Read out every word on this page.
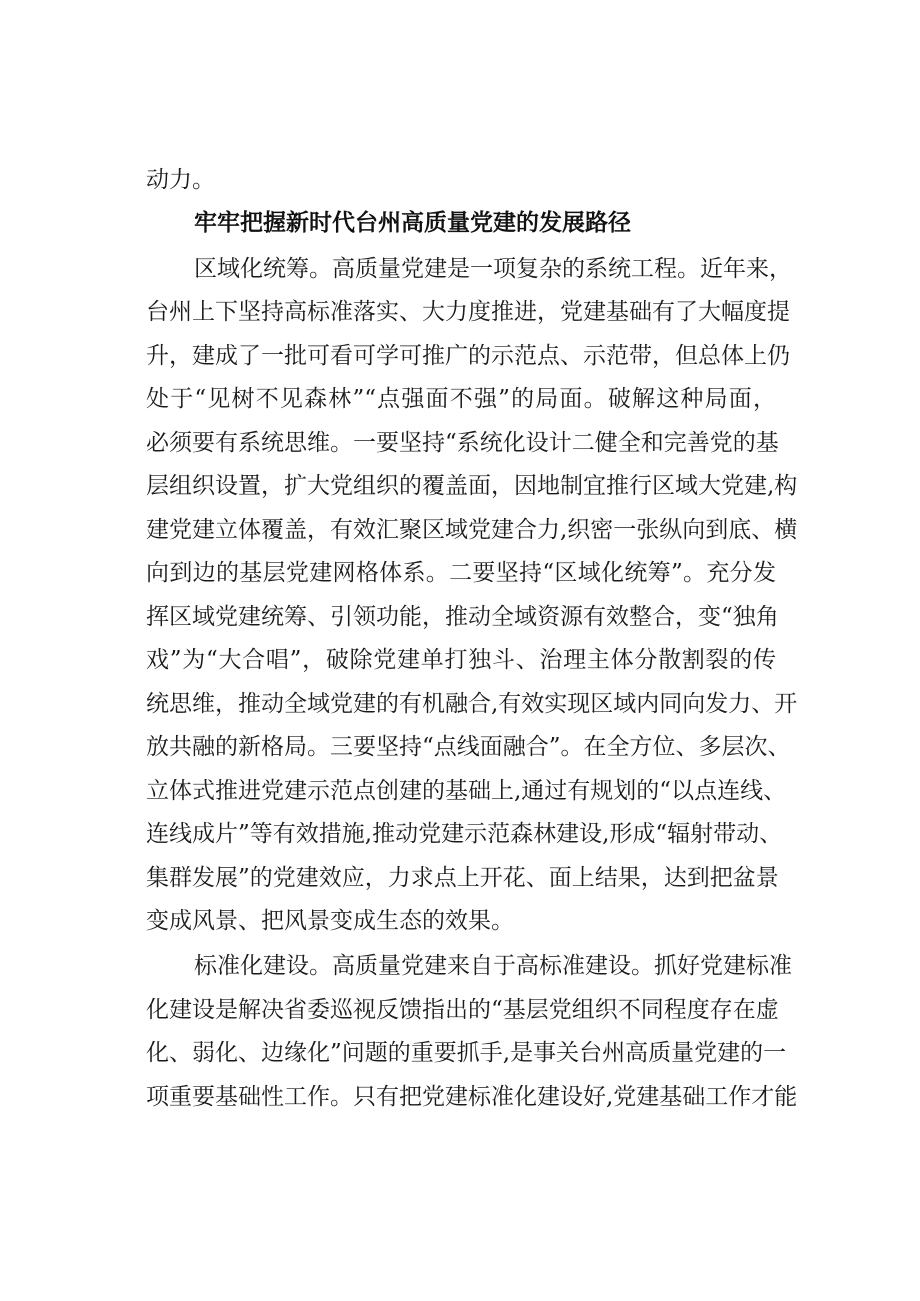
动力。
牢牢把握新时代台州高质量党建的发展路径
区域化统筹。高质量党建是一项复杂的系统工程。近年来，
台州上下坚持高标准落实、大力度推进，党建基础有了大幅度提
升，建成了一批可看可学可推广的示范点、示范带，但总体上仍
处于“见树不见森林”“点强面不强”的局面。破解这种局面，
必须要有系统思维。一要坚持“系统化设计二健全和完善党的基
层组织设置，扩大党组织的覆盖面，因地制宜推行区域大党建,构
建党建立体覆盖，有效汇聚区域党建合力,织密一张纵向到底、横
向到边的基层党建网格体系。二要坚持“区域化统筹”。充分发
挥区域党建统筹、引领功能，推动全域资源有效整合，变“独角
戏”为“大合唱”，破除党建单打独斗、治理主体分散割裂的传
统思维，推动全域党建的有机融合,有效实现区域内同向发力、开
放共融的新格局。三要坚持“点线面融合”。在全方位、多层次、
立体式推进党建示范点创建的基础上,通过有规划的“以点连线、
连线成片”等有效措施,推动党建示范森林建设,形成“辐射带动、
集群发展”的党建效应，力求点上开花、面上结果，达到把盆景
变成风景、把风景变成生态的效果。
标准化建设。高质量党建来自于高标准建设。抓好党建标准
化建设是解决省委巡视反馈指出的“基层党组织不同程度存在虚
化、弱化、边缘化”问题的重要抓手,是事关台州高质量党建的一
项重要基础性工作。只有把党建标准化建设好,党建基础工作才能
